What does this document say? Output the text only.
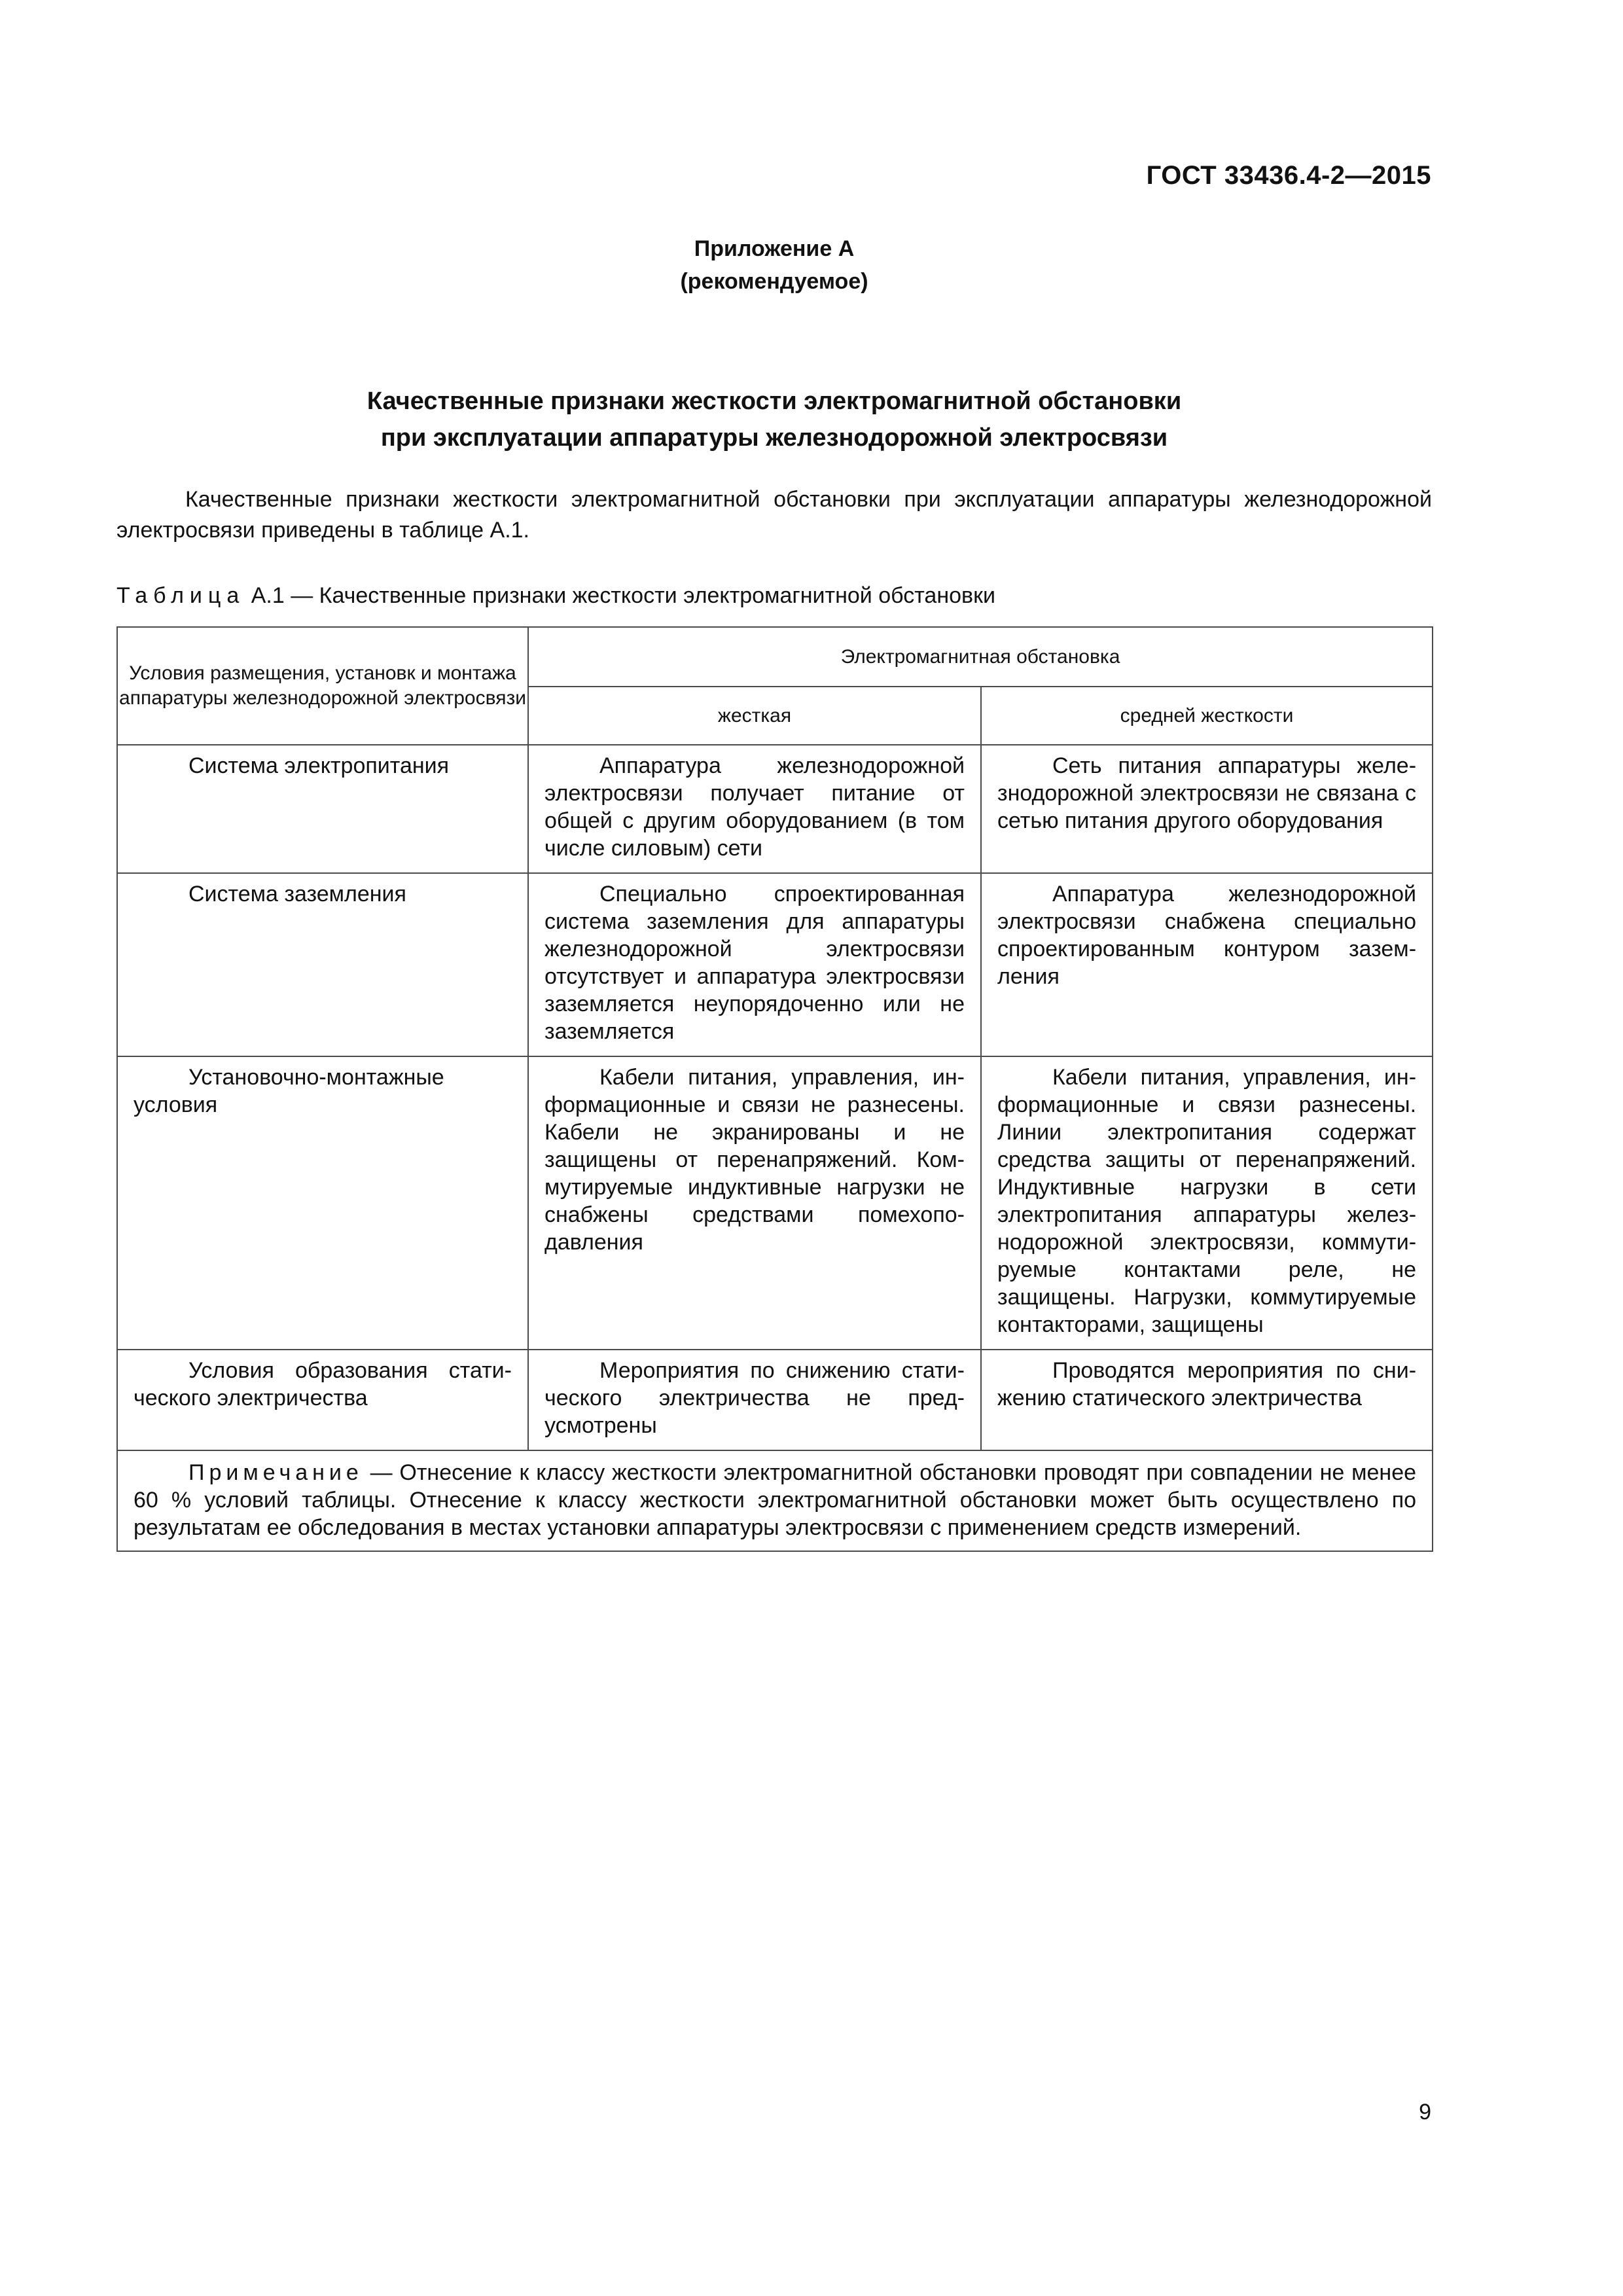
ГОСТ 33436.4-2—2015
Приложение А
(рекомендуемое)
Качественные признаки жесткости электромагнитной обстановки
при эксплуатации аппаратуры железнодорожной электросвязи
Качественные признаки жесткости электромагнитной обстановки при эксплуатации аппаратуры железнодорожной электросвязи приведены в таблице А.1.
Таблица А.1 — Качественные признаки жесткости электромагнитной обстановки
Условия размещения, установк и монтажа аппаратуры железнодорожной электросвязи	Электромагнитная обстановка	
	жесткая	средней жесткости
Система электропитания	Аппаратура железнодорожной электросвязи получает питание от общей с другим оборудованием (в том числе силовым) сети	Сеть питания аппаратуры железнодорожной электросвязи не связана с сетью питания другого оборудования
Система заземления	Специально спроектированная система заземления для аппаратуры железнодорожной электросвязи отсутствует и аппаратура электросвязи заземляется неупорядоченно или не заземляется	Аппаратура железнодорожной электросвязи снабжена специально спроектированным контуром заземления
Установочно-монтажные условия	Кабели питания, управления, информационные и связи не разнесены. Кабели не экранированы и не защищены от перенапряжений. Коммутируемые индуктивные нагрузки не снабжены средствами помехоподавления	Кабели питания, управления, информационные и связи разнесены. Линии электропитания содержат средства защиты от перенапряжений. Индуктивные нагрузки в сети электропитания аппаратуры железнодорожной электросвязи, коммутируемые контактами реле, не защищены. Нагрузки, коммутируемые контакторами, защищены
Условия образования статического электричества	Мероприятия по снижению статического электричества не предусмотрены	Проводятся мероприятия по снижению статического электричества
Примечание — Отнесение к классу жесткости электромагнитной обстановки проводят при совпадении не менее 60 % условий таблицы. Отнесение к классу жесткости электромагнитной обстановки может быть осуществлено по результатам ее обследования в местах установки аппаратуры электросвязи с применением средств измерений.		
9
